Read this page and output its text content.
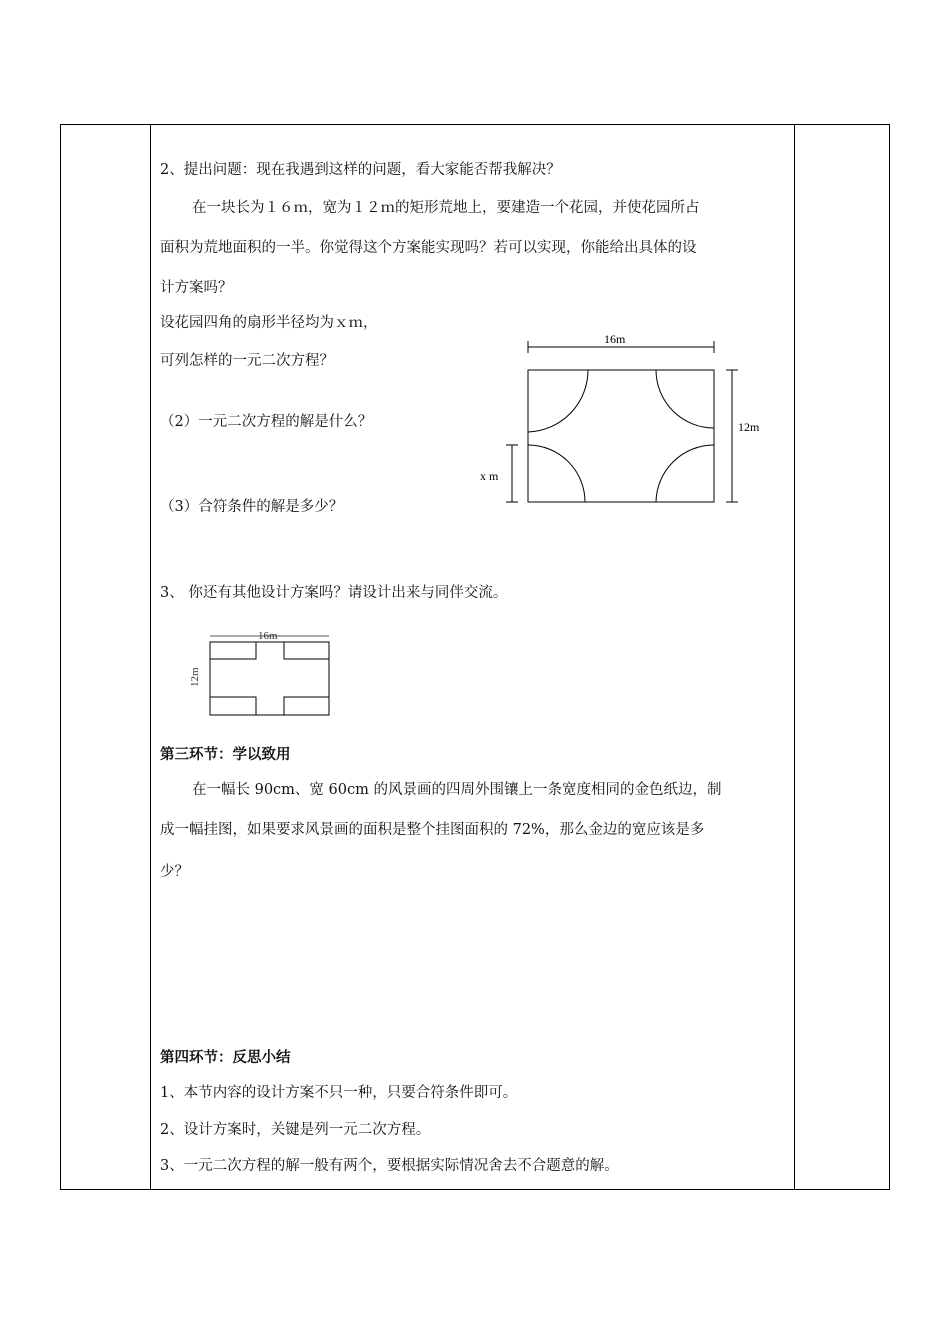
2、提出问题：现在我遇到这样的问题，看大家能否帮我解决？
在一块长为１６ｍ，宽为１２ｍ的矩形荒地上，要建造一个花园，并使花园所占
面积为荒地面积的一半。你觉得这个方案能实现吗？若可以实现，你能给出具体的设
计方案吗？
设花园四角的扇形半径均为ｘｍ，
可列怎样的一元二次方程？
（2）一元二次方程的解是什么？
（3）合符条件的解是多少？
16m
12m
x m
3、 你还有其他设计方案吗？请设计出来与同伴交流。
16m
12m
第三环节：学以致用
在一幅长 90cm、宽 60cm 的风景画的四周外围镶上一条宽度相同的金色纸边，制
成一幅挂图，如果要求风景画的面积是整个挂图面积的 72%，那么金边的宽应该是多
少？
第四环节：反思小结
1、本节内容的设计方案不只一种，只要合符条件即可。
2、设计方案时，关键是列一元二次方程。
3、一元二次方程的解一般有两个，要根据实际情况舍去不合题意的解。
